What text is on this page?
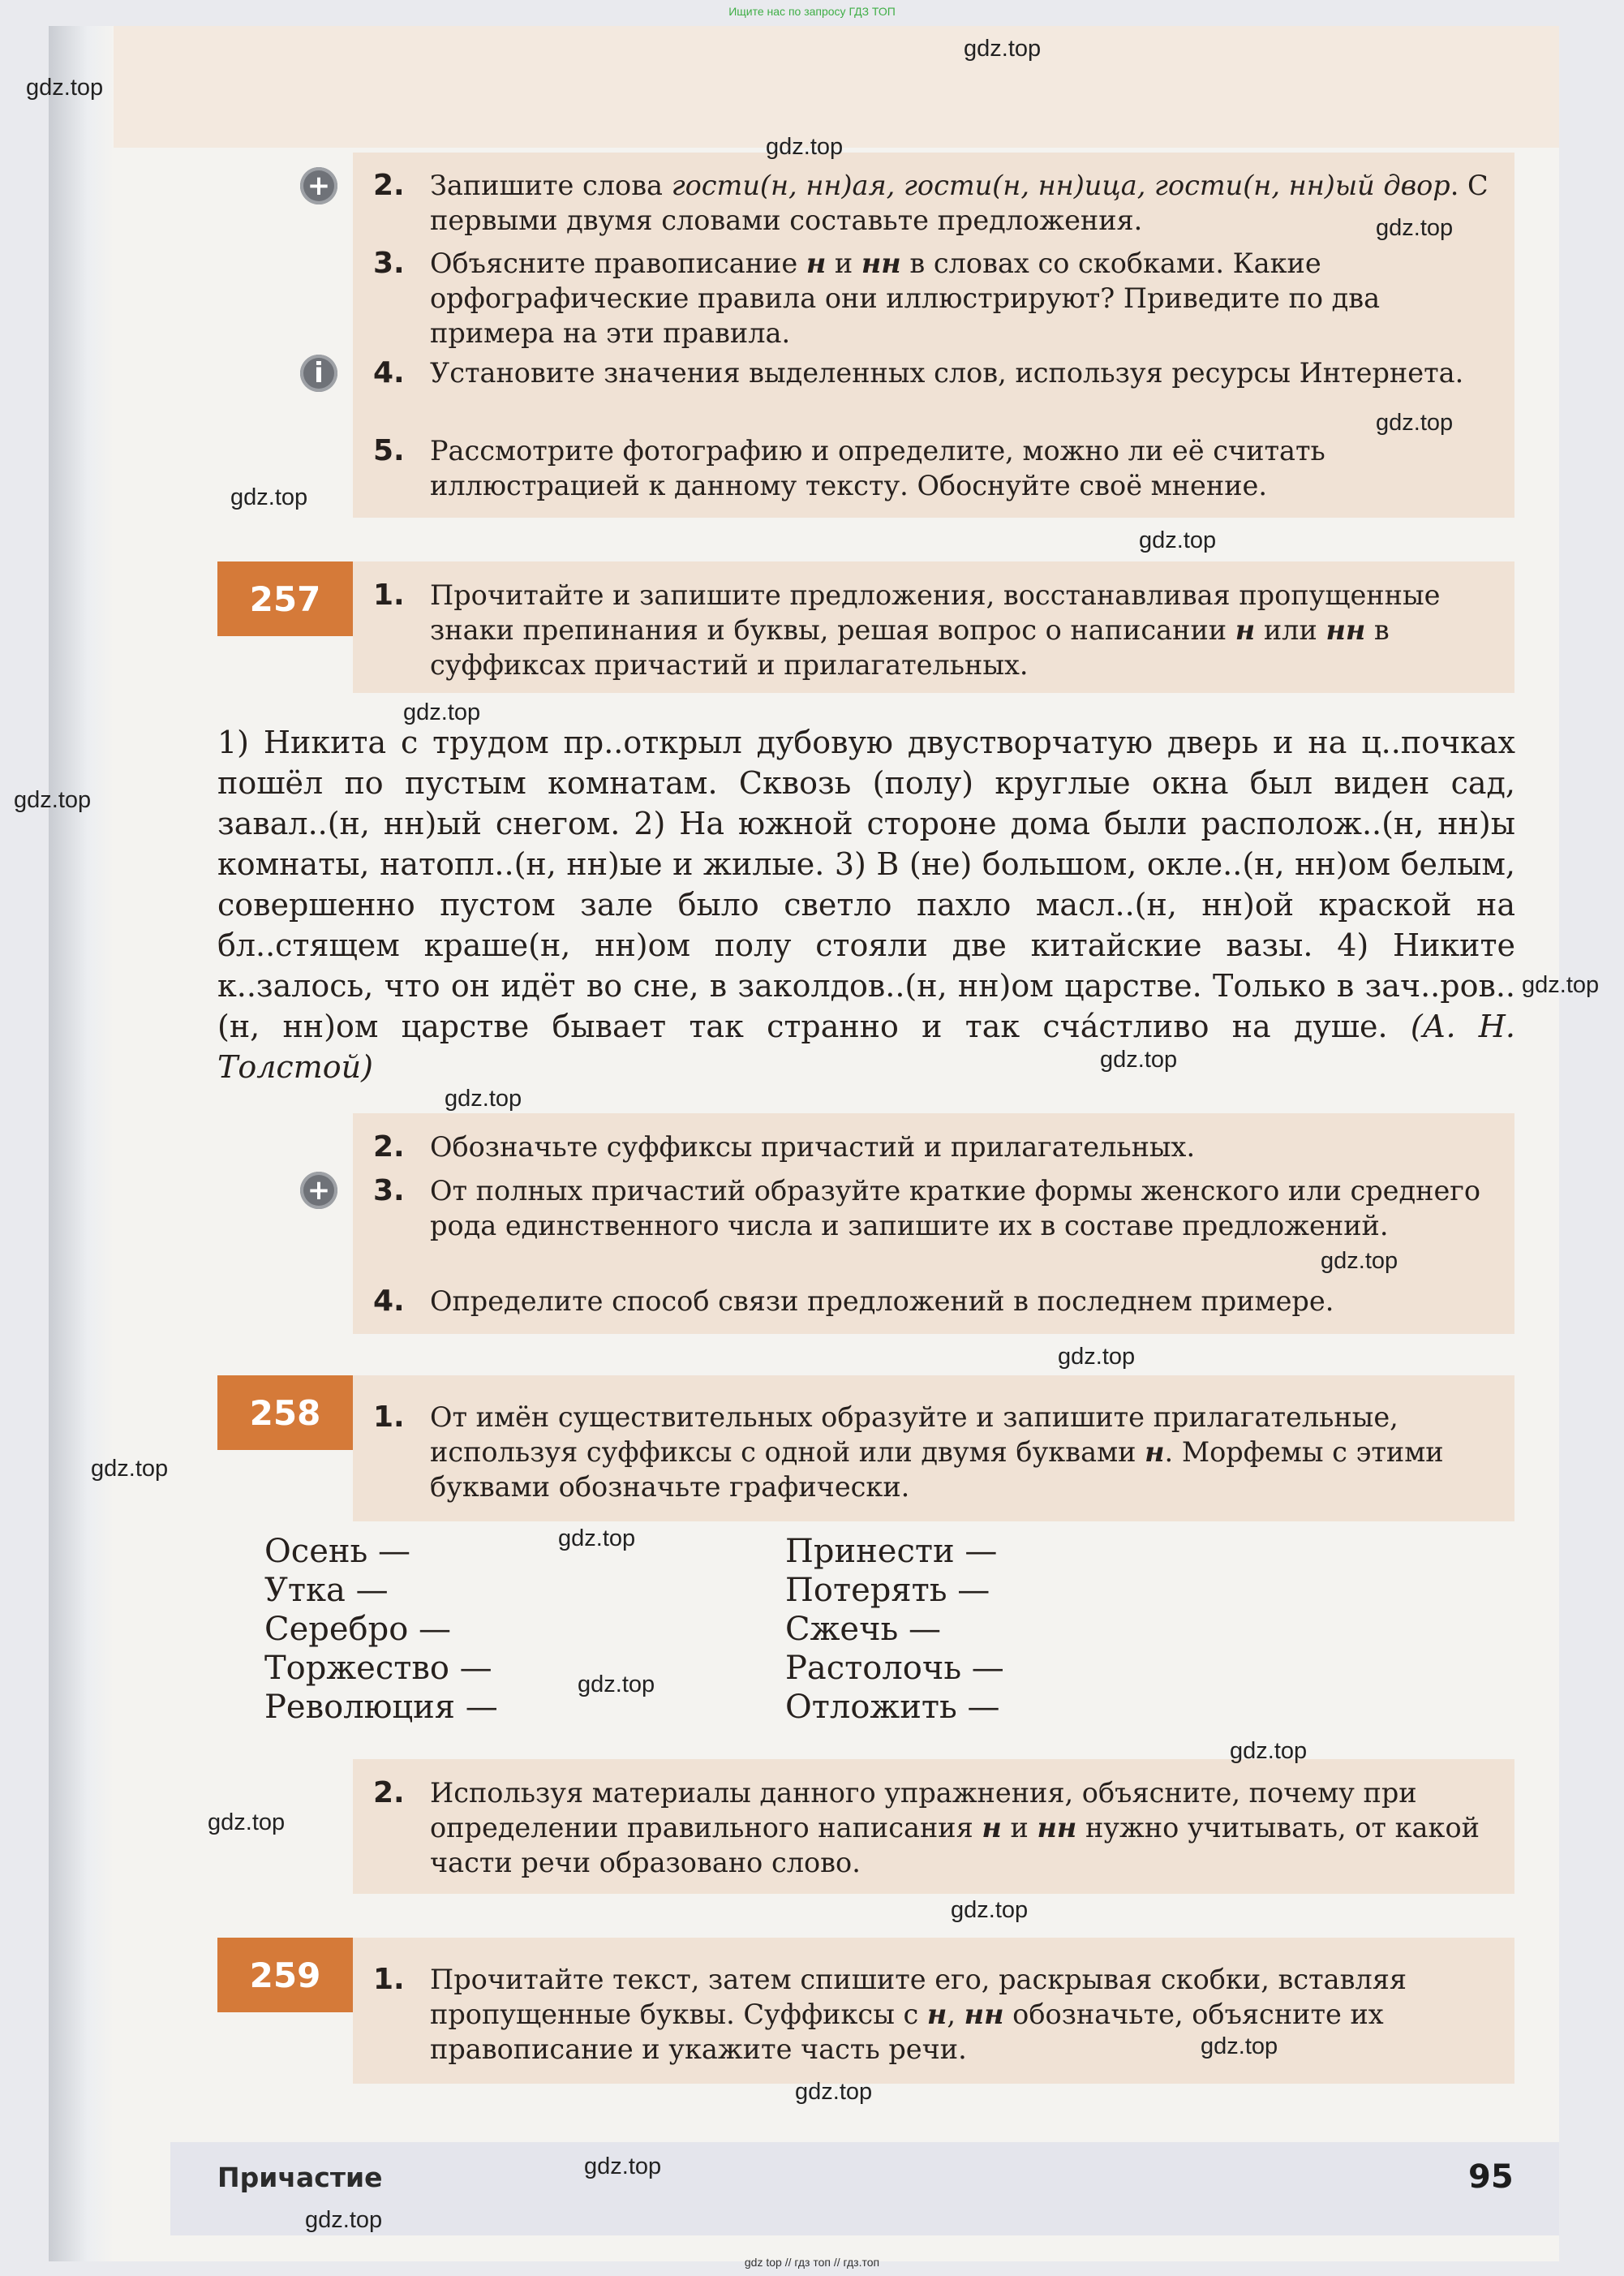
Ищите нас по запросу ГДЗ ТОП
+
i
2. Запишите слова гости(н, нн)ая, гости(н, нн)ица, гости(н, нн)ый двор. С первыми двумя словами составьте предложения.
3. Объясните правописание н и нн в словах со скобками. Какие орфографические правила они иллюстрируют? Приведите по два примера на эти правила.
4. Установите значения выделенных слов, используя ресурсы Интернета.
5. Рассмотрите фотографию и определите, можно ли её считать иллюстрацией к данному тексту. Обоснуйте своё мнение.
257	1. Прочитайте и запишите предложения, восстанавливая пропущенные знаки препинания и буквы, решая вопрос о написании н или нн в суффиксах причастий и прилагательных.
1) Никита с трудом пр..открыл дубовую двустворчатую дверь и на ц..почках пошёл по пустым комнатам. Сквозь (полу) круглые окна был виден сад, завал..(н, нн)ый снегом. 2) На южной стороне дома были располож..(н, нн)ы комнаты, натопл..(н, нн)ые и жилые. 3) В (не) большом, окле..(н, нн)ом белым, совершенно пустом зале было светло пахло масл..(н, нн)ой краской на бл..стящем краше(н, нн)ом полу стояли две китайские вазы. 4) Никите к..залось, что он идёт во сне, в заколдов..(н, нн)ом царстве. Только в зач..ров..(н, нн)ом царстве бывает так странно и так сча́стливо на душе. (А. Н. Толстой)
+
2. Обозначьте суффиксы причастий и прилагательных.
3. От полных причастий образуйте краткие формы женского или среднего рода единственного числа и запишите их в составе предложений.
4. Определите способ связи предложений в последнем примере.
258	1. От имён существительных образуйте и запишите прилагательные, используя суффиксы с одной или двумя буквами н. Морфемы с этими буквами обозначьте графически.
Осень —
Утка —
Серебро —
Торжество —
Революция —
Принести —
Потерять —
Сжечь —
Растолочь —
Отложить —
2. Используя материалы данного упражнения, объясните, почему при определении правильного написания н и нн нужно учитывать, от какой части речи образовано слово.
259	1. Прочитайте текст, затем спишите его, раскрывая скобки, вставляя пропущенные буквы. Суффиксы с н, нн обозначьте, объясните их правописание и укажите часть речи.
Причастие	95
gdz top // гдз топ // гдз.топ
gdz.top
gdz.top
gdz.top
gdz.top
gdz.top
gdz.top
gdz.top
gdz.top
gdz.top
gdz.top
gdz.top
gdz.top
gdz.top
gdz.top
gdz.top
gdz.top
gdz.top
gdz.top
gdz.top
gdz.top
gdz.top
gdz.top
gdz.top
gdz.top
